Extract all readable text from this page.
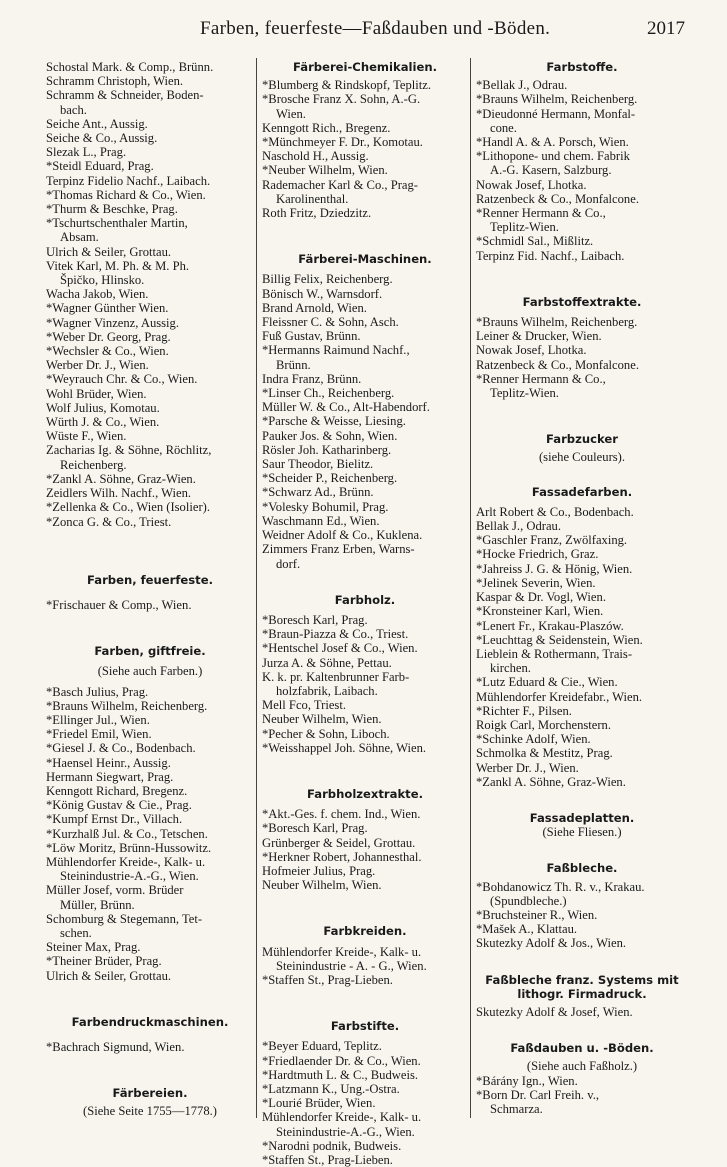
Farben, feuerfeste—Faßdauben und -Böden.	2017
Schostal Mark. & Comp., Brünn.
Schramm Christoph, Wien.
Schramm & Schneider, Boden-
bach.
Seiche Ant., Aussig.
Seiche & Co., Aussig.
Slezak L., Prag.
*Steidl Eduard, Prag.
Terpinz Fidelio Nachf., Laibach.
*Thomas Richard & Co., Wien.
*Thurm & Beschke, Prag.
*Tschurtschenthaler Martin,
Absam.
Ulrich & Seiler, Grottau.
Vitek Karl, M. Ph. & M. Ph.
Špičko, Hlinsko.
Wacha Jakob, Wien.
*Wagner Günther Wien.
*Wagner Vinzenz, Aussig.
*Weber Dr. Georg, Prag.
*Wechsler & Co., Wien.
Werber Dr. J., Wien.
*Weyrauch Chr. & Co., Wien.
Wohl Brüder, Wien.
Wolf Julius, Komotau.
Würth J. & Co., Wien.
Wüste F., Wien.
Zacharias Ig. & Söhne, Röchlitz,
Reichenberg.
*Zankl A. Söhne, Graz-Wien.
Zeidlers Wilh. Nachf., Wien.
*Zellenka & Co., Wien (Isolier).
*Zonca G. & Co., Triest.
Farben, feuerfeste.
*Frischauer & Comp., Wien.
Farben, giftfreie.
(Siehe auch Farben.)
*Basch Julius, Prag.
*Brauns Wilhelm, Reichenberg.
*Ellinger Jul., Wien.
*Friedel Emil, Wien.
*Giesel J. & Co., Bodenbach.
*Haensel Heinr., Aussig.
Hermann Siegwart, Prag.
Kenngott Richard, Bregenz.
*König Gustav & Cie., Prag.
*Kumpf Ernst Dr., Villach.
*Kurzhalß Jul. & Co., Tetschen.
*Löw Moritz, Brünn-Hussowitz.
Mühlendorfer Kreide-, Kalk- u.
Steinindustrie-A.-G., Wien.
Müller Josef, vorm. Brüder
Müller, Brünn.
Schomburg & Stegemann, Tet-
schen.
Steiner Max, Prag.
*Theiner Brüder, Prag.
Ulrich & Seiler, Grottau.
Farbendruckmaschinen.
*Bachrach Sigmund, Wien.
Färbereien.
(Siehe Seite 1755—1778.)
Färberei-Chemikalien.
*Blumberg & Rindskopf, Teplitz.
*Brosche Franz X. Sohn, A.-G.
Wien.
Kenngott Rich., Bregenz.
*Münchmeyer F. Dr., Komotau.
Naschold H., Aussig.
*Neuber Wilhelm, Wien.
Rademacher Karl & Co., Prag-
Karolinenthal.
Roth Fritz, Dziedzitz.
Färberei-Maschinen.
Billig Felix, Reichenberg.
Bönisch W., Warnsdorf.
Brand Arnold, Wien.
Fleissner C. & Sohn, Asch.
Fuß Gustav, Brünn.
*Hermanns Raimund Nachf.,
Brünn.
Indra Franz, Brünn.
*Linser Ch., Reichenberg.
Müller W. & Co., Alt-Habendorf.
*Parsche & Weisse, Liesing.
Pauker Jos. & Sohn, Wien.
Rösler Joh. Katharinberg.
Saur Theodor, Bielitz.
*Scheider P., Reichenberg.
*Schwarz Ad., Brünn.
*Volesky Bohumil, Prag.
Waschmann Ed., Wien.
Weidner Adolf & Co., Kuklena.
Zimmers Franz Erben, Warns-
dorf.
Farbholz.
*Boresch Karl, Prag.
*Braun-Piazza & Co., Triest.
*Hentschel Josef & Co., Wien.
Jurza A. & Söhne, Pettau.
K. k. pr. Kaltenbrunner Farb-
holzfabrik, Laibach.
Mell Fco, Triest.
Neuber Wilhelm, Wien.
*Pecher & Sohn, Liboch.
*Weisshappel Joh. Söhne, Wien.
Farbholzextrakte.
*Akt.-Ges. f. chem. Ind., Wien.
*Boresch Karl, Prag.
Grünberger & Seidel, Grottau.
*Herkner Robert, Johannesthal.
Hofmeier Julius, Prag.
Neuber Wilhelm, Wien.
Farbkreiden.
Mühlendorfer Kreide-, Kalk- u.
Steinindustrie - A. - G., Wien.
*Staffen St., Prag-Lieben.
Farbstifte.
*Beyer Eduard, Teplitz.
*Friedlaender Dr. & Co., Wien.
*Hardtmuth L. & C., Budweis.
*Latzmann K., Ung.-Ostra.
*Lourié Brüder, Wien.
Mühlendorfer Kreide-, Kalk- u.
Steinindustrie-A.-G., Wien.
*Narodni podnik, Budweis.
*Staffen St., Prag-Lieben.
Farbstoffe.
*Bellak J., Odrau.
*Brauns Wilhelm, Reichenberg.
*Dieudonné Hermann, Monfal-
cone.
*Handl A. & A. Porsch, Wien.
*Lithopone- und chem. Fabrik
A.-G. Kasern, Salzburg.
Nowak Josef, Lhotka.
Ratzenbeck & Co., Monfalcone.
*Renner Hermann & Co.,
Teplitz-Wien.
*Schmidl Sal., Mißlitz.
Terpinz Fid. Nachf., Laibach.
Farbstoffextrakte.
*Brauns Wilhelm, Reichenberg.
Leiner & Drucker, Wien.
Nowak Josef, Lhotka.
Ratzenbeck & Co., Monfalcone.
*Renner Hermann & Co.,
Teplitz-Wien.
Farbzucker
(siehe Couleurs).
Fassadefarben.
Arlt Robert & Co., Bodenbach.
Bellak J., Odrau.
*Gaschler Franz, Zwölfaxing.
*Hocke Friedrich, Graz.
*Jahreiss J. G. & Hönig, Wien.
*Jelinek Severin, Wien.
Kaspar & Dr. Vogl, Wien.
*Kronsteiner Karl, Wien.
*Lenert Fr., Krakau-Plaszów.
*Leuchttag & Seidenstein, Wien.
Lieblein & Rothermann, Trais-
kirchen.
*Lutz Eduard & Cie., Wien.
Mühlendorfer Kreidefabr., Wien.
*Richter F., Pilsen.
Roigk Carl, Morchenstern.
*Schinke Adolf, Wien.
Schmolka & Mestitz, Prag.
Werber Dr. J., Wien.
*Zankl A. Söhne, Graz-Wien.
Fassadeplatten.
(Siehe Fliesen.)
Faßbleche.
*Bohdanowicz Th. R. v., Krakau.
(Spundbleche.)
*Bruchsteiner R., Wien.
*Mašek A., Klattau.
Skutezky Adolf & Jos., Wien.
Faßbleche franz. Systems mit
lithogr. Firmadruck.
Skutezky Adolf & Josef, Wien.
Faßdauben u. -Böden.
(Siehe auch Faßholz.)
*Bárány Ign., Wien.
*Born Dr. Carl Freih. v.,
Schmarza.
